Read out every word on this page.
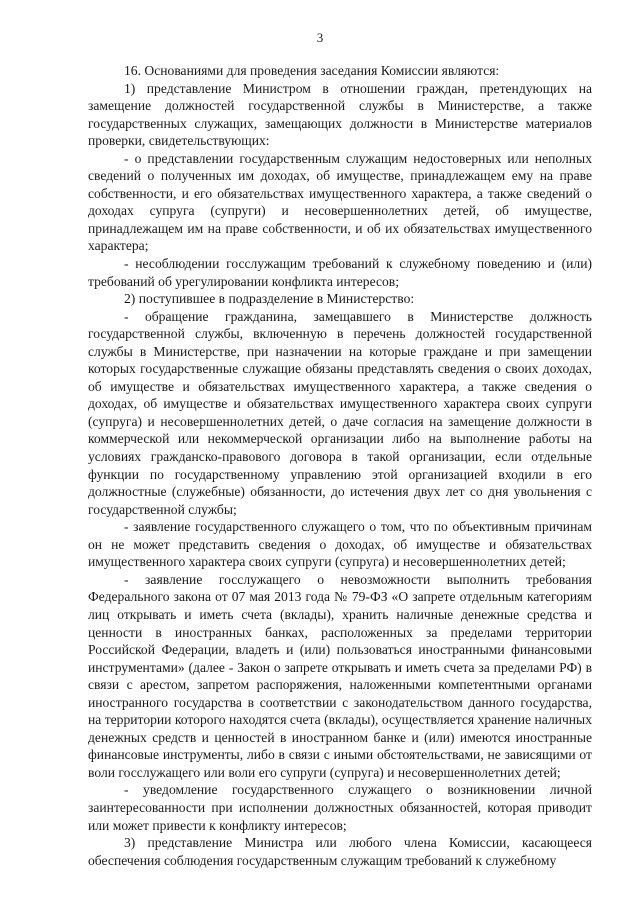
3

16. Основаниями для проведения заседания Комиссии являются:

1) представление Министром в отношении граждан, претендующих на замещение должностей государственной службы в Министерстве, а также государственных служащих, замещающих должности в Министерстве материалов проверки, свидетельствующих:

- о представлении государственным служащим недостоверных или неполных сведений о полученных им доходах, об имуществе, принадлежащем ему на праве собственности, и его обязательствах имущественного характера, а также сведений о доходах супруга (супруги) и несовершеннолетних детей, об имуществе, принадлежащем им на праве собственности, и об их обязательствах имущественного характера;

- несоблюдении госслужащим требований к служебному поведению и (или) требований об урегулировании конфликта интересов;

2) поступившее в подразделение в Министерство:

- обращение гражданина, замещавшего в Министерстве должность государственной службы, включенную в перечень должностей государственной службы в Министерстве, при назначении на которые граждане и при замещении которых государственные служащие обязаны представлять сведения о своих доходах, об имуществе и обязательствах имущественного характера, а также сведения о доходах, об имуществе и обязательствах имущественного характера своих супруги (супруга) и несовершеннолетних детей, о даче согласия на замещение должности в коммерческой или некоммерческой организации либо на выполнение работы на условиях гражданско-правового договора в такой организации, если отдельные функции по государственному управлению этой организацией входили в его должностные (служебные) обязанности, до истечения двух лет со дня увольнения с государственной службы;

- заявление государственного служащего о том, что по объективным причинам он не может представить сведения о доходах, об имуществе и обязательствах имущественного характера своих супруги (супруга) и несовершеннолетних детей;

- заявление госслужащего о невозможности выполнить требования Федерального закона от 07 мая 2013 года № 79-ФЗ «О запрете отдельным категориям лиц открывать и иметь счета (вклады), хранить наличные денежные средства и ценности в иностранных банках, расположенных за пределами территории Российской Федерации, владеть и (или) пользоваться иностранными финансовыми инструментами» (далее - Закон о запрете открывать и иметь счета за пределами РФ) в связи с арестом, запретом распоряжения, наложенными компетентными органами иностранного государства в соответствии с законодательством данного государства, на территории которого находятся счета (вклады), осуществляется хранение наличных денежных средств и ценностей в иностранном банке и (или) имеются иностранные финансовые инструменты, либо в связи с иными обстоятельствами, не зависящими от воли госслужащего или воли его супруги (супруга) и несовершеннолетних детей;

- уведомление государственного служащего о возникновении личной заинтересованности при исполнении должностных обязанностей, которая приводит или может привести к конфликту интересов;

3) представление Министра или любого члена Комиссии, касающееся обеспечения соблюдения государственным служащим требований к служебному
